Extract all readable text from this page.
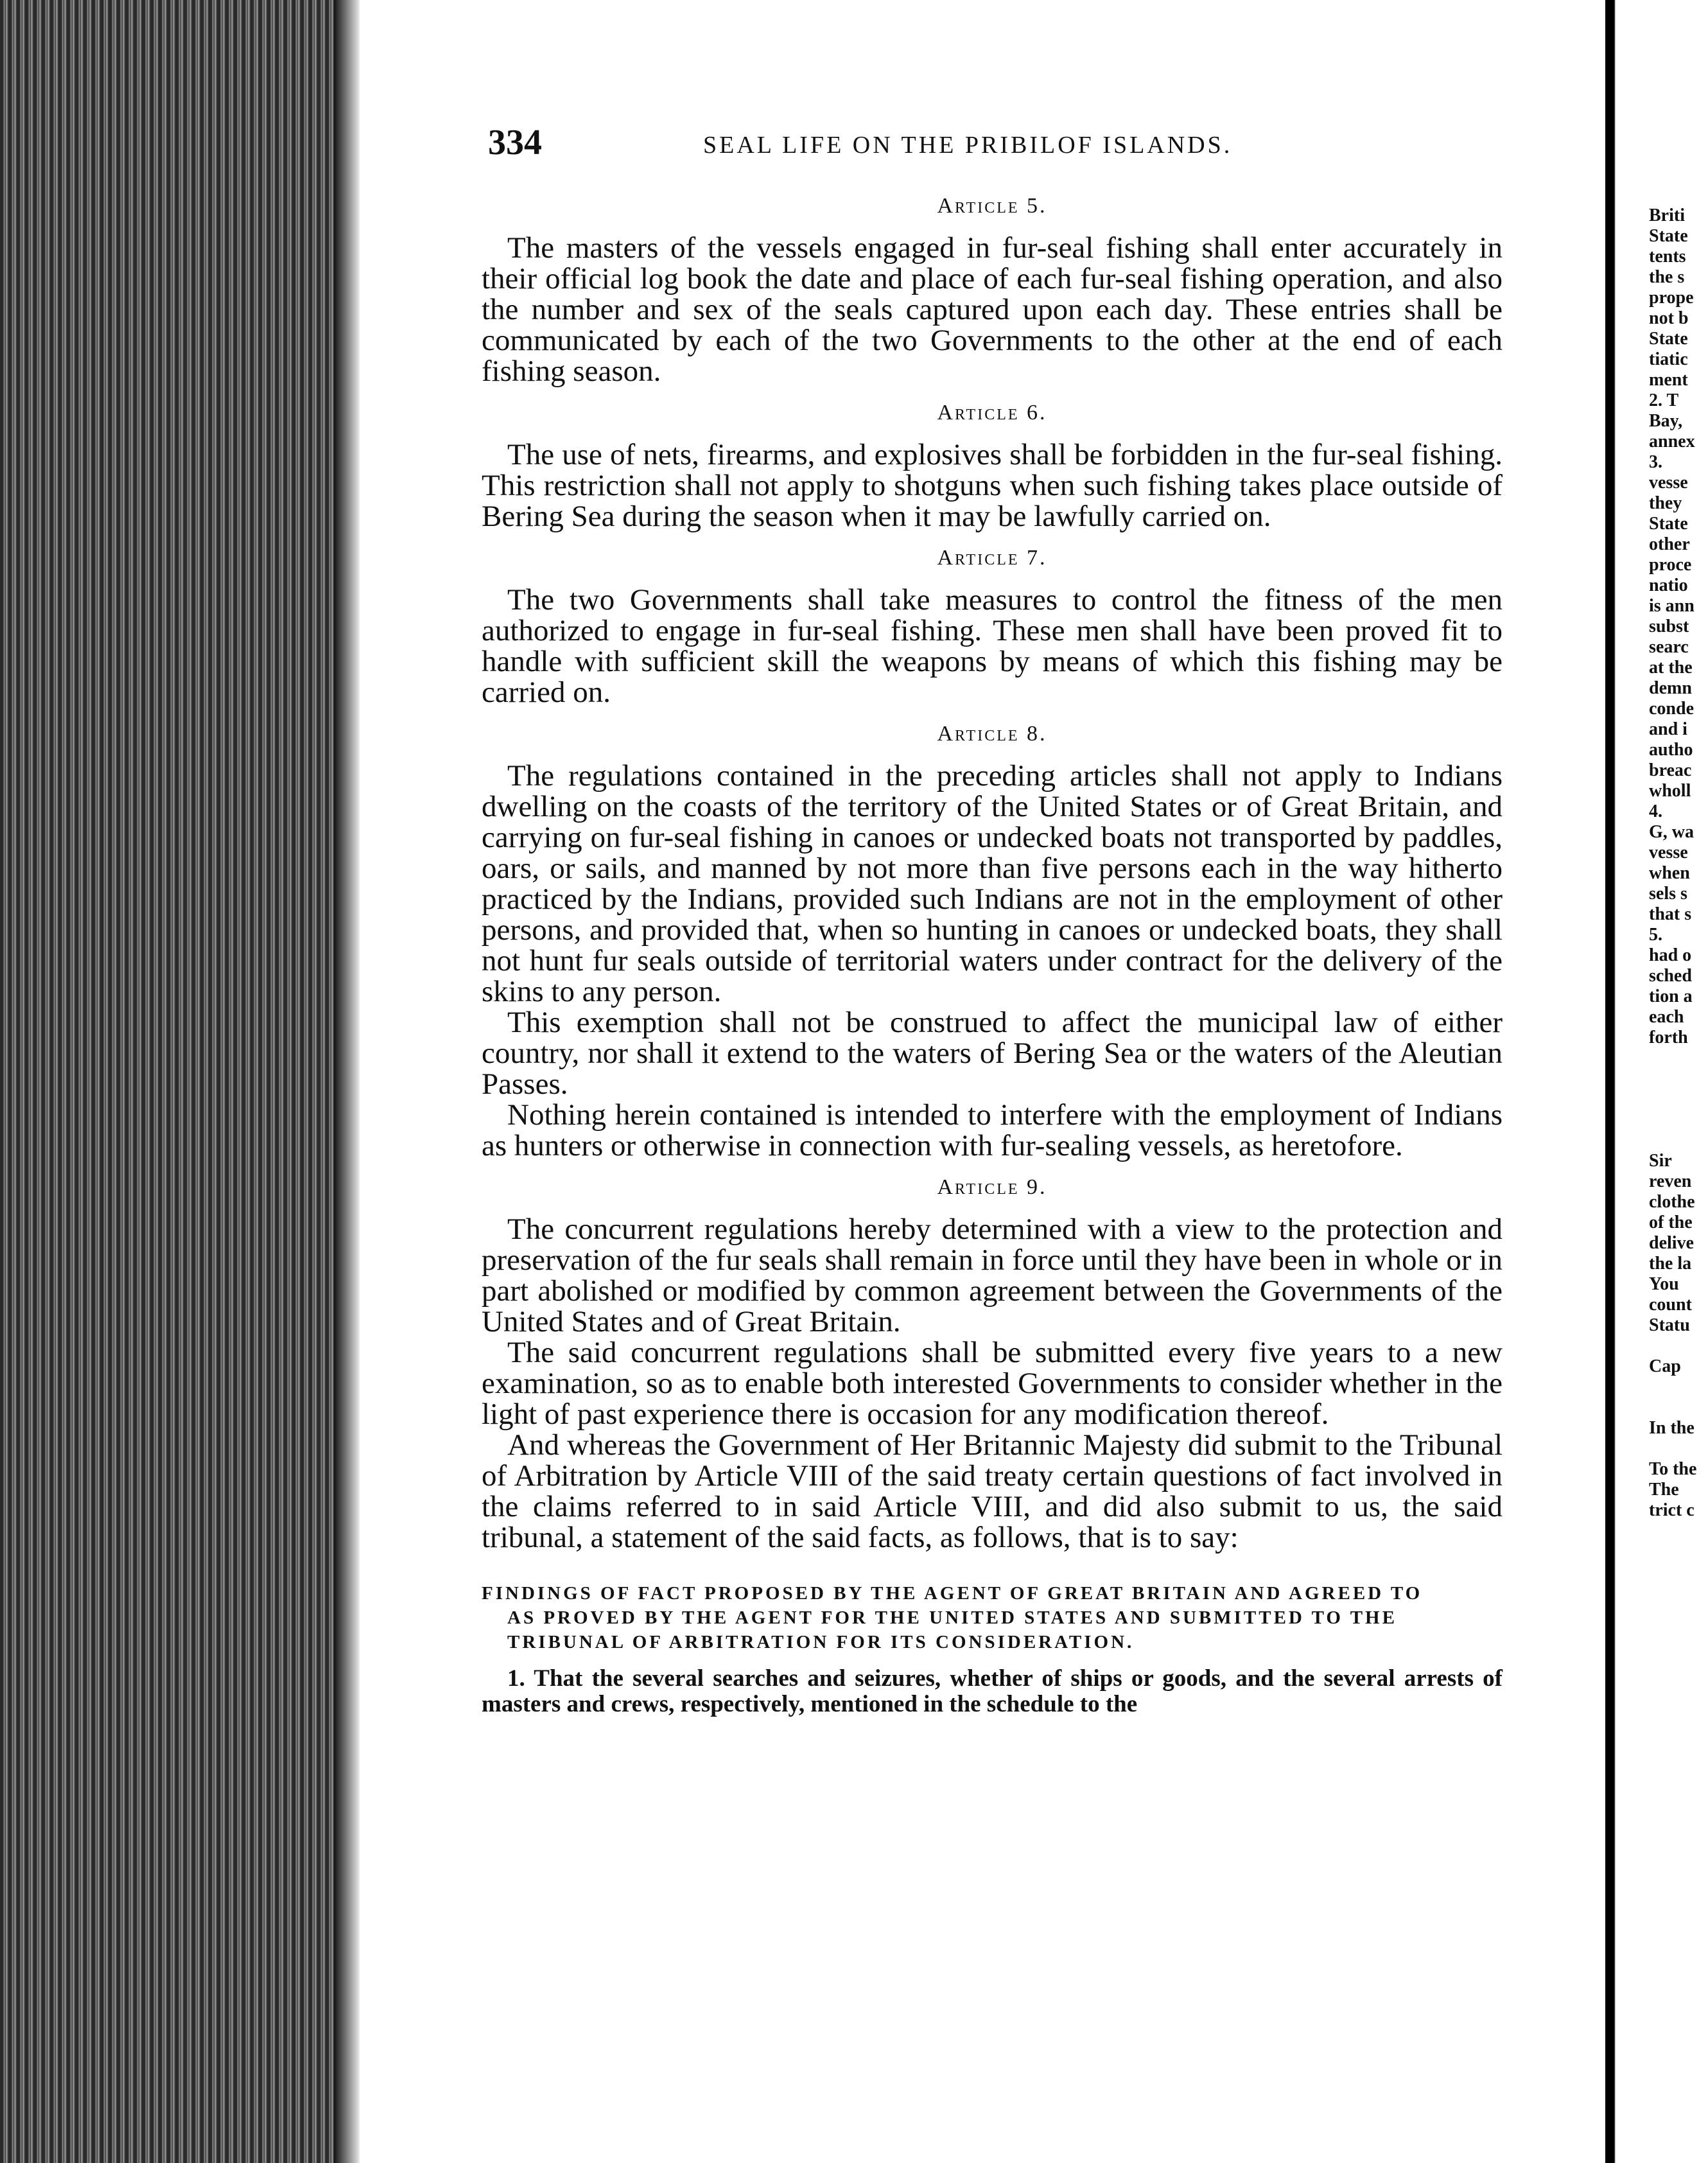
Briti
State
tents
the s
prope
not b
State
tiatic
ment
2. T
Bay,
annex
3.
vesse
they
State
other
proce
natio
is ann
subst
searc
at the
demn
conde
and i
autho
breac
wholl
4.
G, wa
vesse
when
sels s
that s
5.
had o
sched
tion a
each
forth

Sir
reven
clothe
of the
delive
the la
You
count
Statu

Cap

In the

To the
The
trict c
334	SEAL LIFE ON THE PRIBILOF ISLANDS.
Article 5.

The masters of the vessels engaged in fur-seal fishing shall enter accurately in their official log book the date and place of each fur-seal fishing operation, and also the number and sex of the seals captured upon each day. These entries shall be communicated by each of the two Governments to the other at the end of each fishing season.

Article 6.

The use of nets, firearms, and explosives shall be forbidden in the fur-seal fishing. This restriction shall not apply to shotguns when such fishing takes place outside of Bering Sea during the season when it may be lawfully carried on.

Article 7.

The two Governments shall take measures to control the fitness of the men authorized to engage in fur-seal fishing. These men shall have been proved fit to handle with sufficient skill the weapons by means of which this fishing may be carried on.

Article 8.

The regulations contained in the preceding articles shall not apply to Indians dwelling on the coasts of the territory of the United States or of Great Britain, and carrying on fur-seal fishing in canoes or undecked boats not transported by paddles, oars, or sails, and manned by not more than five persons each in the way hitherto practiced by the Indians, provided such Indians are not in the employment of other persons, and provided that, when so hunting in canoes or undecked boats, they shall not hunt fur seals outside of territorial waters under contract for the delivery of the skins to any person.

This exemption shall not be construed to affect the municipal law of either country, nor shall it extend to the waters of Bering Sea or the waters of the Aleutian Passes.

Nothing herein contained is intended to interfere with the employment of Indians as hunters or otherwise in connection with fur-sealing vessels, as heretofore.

Article 9.

The concurrent regulations hereby determined with a view to the protection and preservation of the fur seals shall remain in force until they have been in whole or in part abolished or modified by common agreement between the Governments of the United States and of Great Britain.

The said concurrent regulations shall be submitted every five years to a new examination, so as to enable both interested Governments to consider whether in the light of past experience there is occasion for any modification thereof.

And whereas the Government of Her Britannic Majesty did submit to the Tribunal of Arbitration by Article VIII of the said treaty certain questions of fact involved in the claims referred to in said Article VIII, and did also submit to us, the said tribunal, a statement of the said facts, as follows, that is to say:

FINDINGS OF FACT PROPOSED BY THE AGENT OF GREAT BRITAIN AND AGREED TO
AS PROVED BY THE AGENT FOR THE UNITED STATES AND SUBMITTED TO THE
TRIBUNAL OF ARBITRATION FOR ITS CONSIDERATION.

1. That the several searches and seizures, whether of ships or goods, and the several arrests of masters and crews, respectively, mentioned in the schedule to the
